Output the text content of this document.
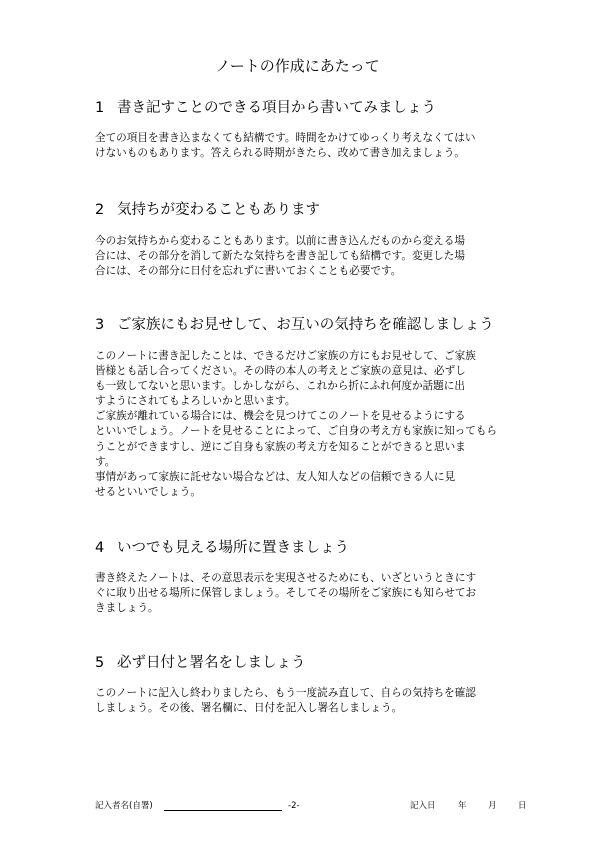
ノートの作成にあたって
1 書き記すことのできる項目から書いてみましょう

全ての項目を書き込まなくても結構です。時間をかけてゆっくり考えなくてはい

けないものもあります。答えられる時期がきたら、改めて書き加えましょう。

2 気持ちが変わることもあります

今のお気持ちから変わることもあります。以前に書き込んだものから変える場

合には、その部分を消して新たな気持ちを書き記しても結構です。変更した場

合には、その部分に日付を忘れずに書いておくことも必要です。

3 ご家族にもお見せして、お互いの気持ちを確認しましょう

このノートに書き記したことは、できるだけご家族の方にもお見せして、ご家族

皆様とも話し合ってください。その時の本人の考えとご家族の意見は、必ずし

も一致してないと思います。しかしながら、これから折にふれ何度か話題に出

すようにされてもよろしいかと思います。

ご家族が離れている場合には、機会を見つけてこのノートを見せるようにする

といいでしょう。ノートを見せることによって、ご自身の考え方も家族に知ってもら

うことができますし、逆にご自身も家族の考え方を知ることができると思いま

す。

事情があって家族に託せない場合などは、友人知人などの信頼できる人に見

せるといいでしょう。

4 いつでも見える場所に置きましょう

書き終えたノートは、その意思表示を実現させるためにも、いざというときにす

ぐに取り出せる場所に保管しましょう。そしてその場所をご家族にも知らせてお

きましょう。

5 必ず日付と署名をしましょう

このノートに記入し終わりましたら、もう一度読み直して、自らの気持ちを確認

しましょう。その後、署名欄に、日付を記入し署名しましょう。

記入者名(自署)	-2-	記入日	年	月	日
